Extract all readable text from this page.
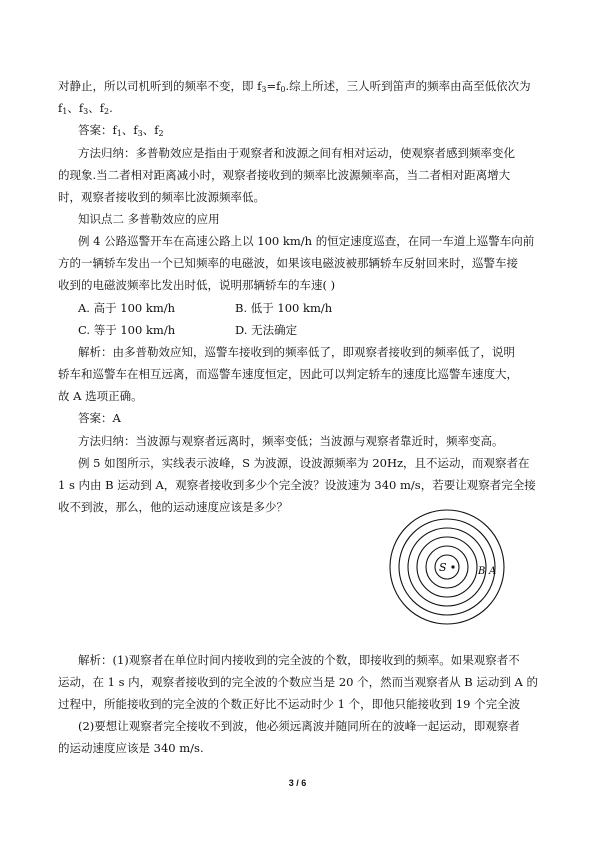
对静止，所以司机听到的频率不变，即 $f_3=f_0$.综上所述，三人听到笛声的频率由高至低依次为
$f_1$、$f_3$、$f_2$.
答案：$f_1$、$f_3$、$f_2$
方法归纳：多普勒效应是指由于观察者和波源之间有相对运动，使观察者感到频率变化
的现象.当二者相对距离减小时，观察者接收到的频率比波源频率高，当二者相对距离增大
时，观察者接收到的频率比波源频率低。
知识点二 多普勒效应的应用
例 4 公路巡警开车在高速公路上以 100 km/h 的恒定速度巡查，在同一车道上巡警车向前
方的一辆轿车发出一个已知频率的电磁波，如果该电磁波被那辆轿车反射回来时，巡警车接
收到的电磁波频率比发出时低，说明那辆轿车的车速( )
A. 高于 100 km/h	B. 低于 100 km/h
C. 等于 100 km/h	D. 无法确定
解析：由多普勒效应知，巡警车接收到的频率低了，即观察者接收到的频率低了，说明
轿车和巡警车在相互远离，而巡警车速度恒定，因此可以判定轿车的速度比巡警车速度大，
故 A 选项正确。
答案：A
方法归纳：当波源与观察者远离时，频率变低；当波源与观察者靠近时，频率变高。
例 5 如图所示，实线表示波峰，S 为波源，设波源频率为 20Hz，且不运动，而观察者在
1 s 内由 B 运动到 A，观察者接收到多少个完全波？设波速为 340 m/s，若要让观察者完全接
收不到波，那么，他的运动速度应该是多少？
S	B A
解析：(1)观察者在单位时间内接收到的完全波的个数，即接收到的频率。如果观察者不
运动，在 1 s 内，观察者接收到的完全波的个数应当是 20 个，然而当观察者从 B 运动到 A 的
过程中，所能接收到的完全波的个数正好比不运动时少 1 个，即他只能接收到 19 个完全波
(2)要想让观察者完全接收不到波，他必须远离波并随同所在的波峰一起运动，即观察者
的运动速度应该是 340 m/s.
3 / 6
